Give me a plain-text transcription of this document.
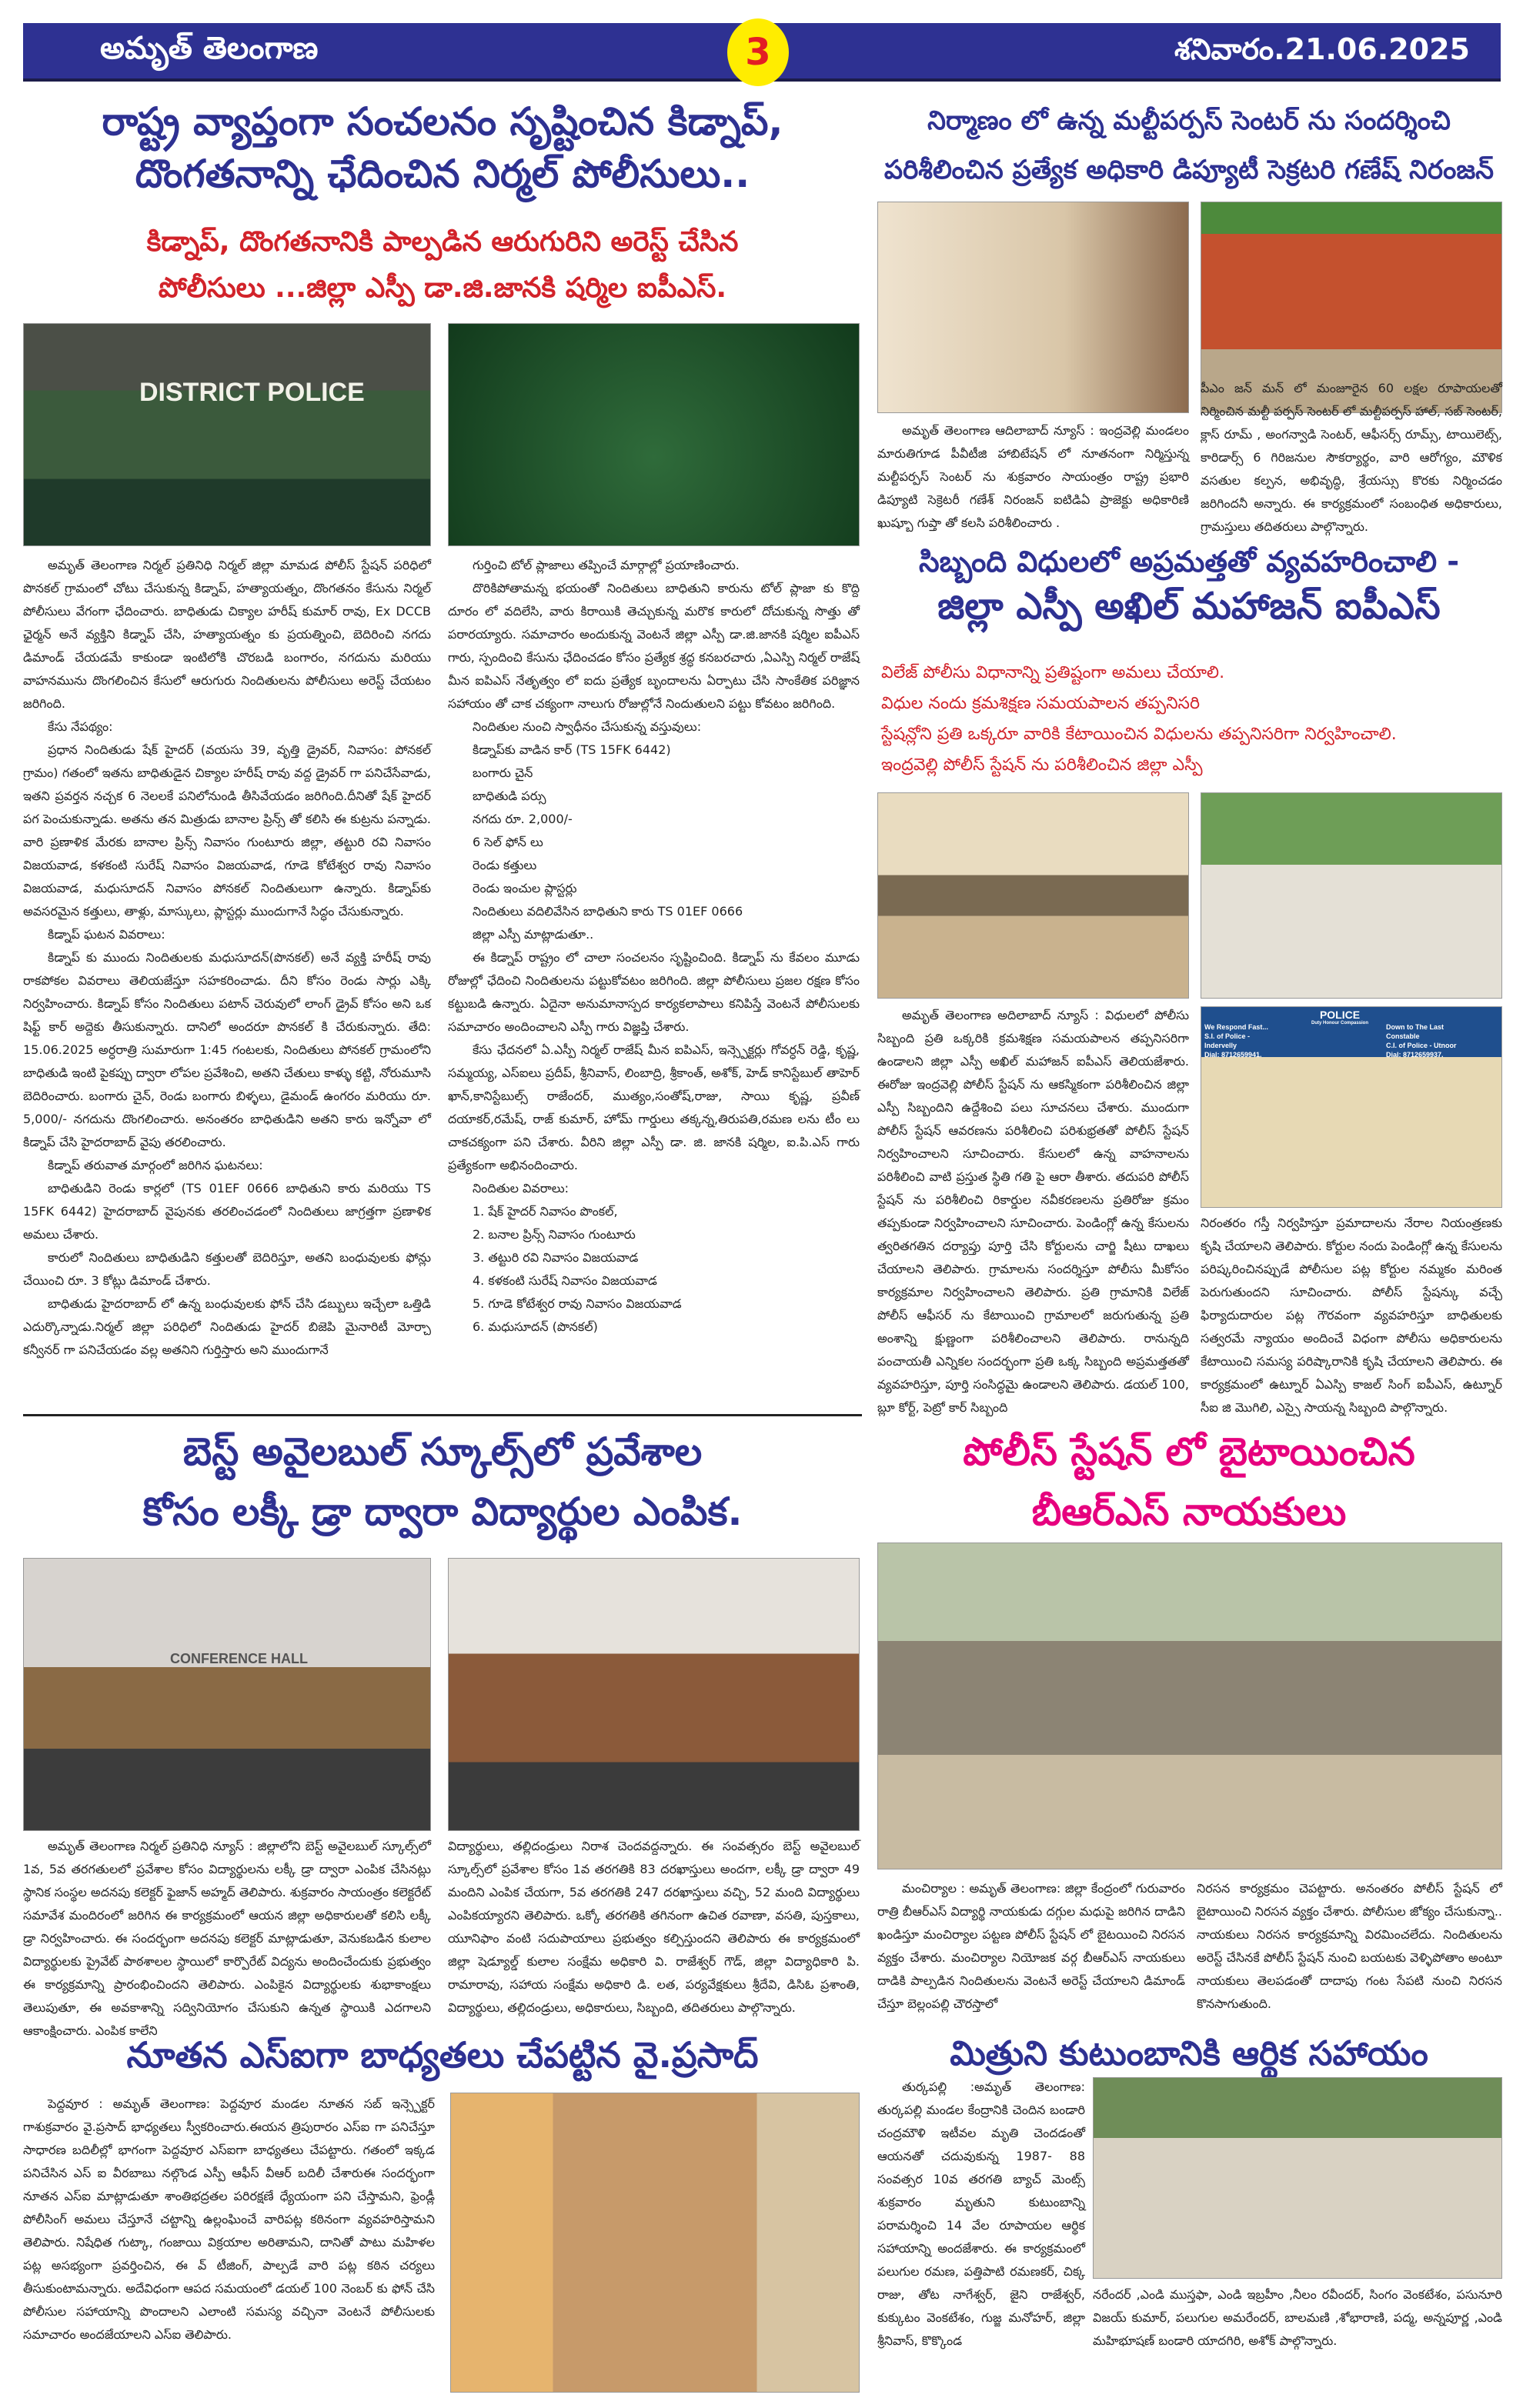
అమృత్ తెలంగాణ	3	శనివారం.21.06.2025
రాష్ట్ర వ్యాప్తంగా సంచలనం సృష్టించిన కిడ్నాప్,
దొంగతనాన్ని ఛేదించిన నిర్మల్ పోలీసులు..
కిడ్నాప్, దొంగతనానికి పాల్పడిన ఆరుగురిని అరెస్ట్ చేసిన
పోలీసులు ...జిల్లా ఎస్పీ డా.జి.జానకి షర్మిల ఐపీఎస్.
DISTRICT POLICE

అమృత్ తెలంగాణ నిర్మల్ ప్రతినిధి నిర్మల్ జిల్లా మామడ పోలీస్ స్టేషన్ పరిధిలో పొనకల్ గ్రామంలో చోటు చేసుకున్న కిడ్నాప్, హత్యాయత్నం, దొంగతనం కేసును నిర్మల్ పోలీసులు వేగంగా ఛేదించారు. బాధితుడు చిక్యాల హరీష్ కుమార్ రావు, Ex DCCB ఛైర్మన్ అనే వ్యక్తిని కిడ్నాప్ చేసి, హత్యాయత్నం కు ప్రయత్నించి, బెదిరించి నగదు డిమాండ్ చేయడమే కాకుండా ఇంటిలోకి చొరబడి బంగారం, నగదును మరియు వాహనమును దొంగలించిన కేసులో ఆరుగురు నిందితులను పోలీసులు అరెస్ట్ చేయటం జరిగింది.

కేసు నేపథ్యం:

ప్రధాన నిందితుడు షేక్ హైదర్ (వయసు 39, వృత్తి డ్రైవర్, నివాసం: పోనకల్ గ్రామం) గతంలో ఇతను బాధితుడైన చిక్యాల హరీష్ రావు వద్ద డ్రైవర్ గా పనిచేసేవాడు, ఇతని ప్రవర్తన నచ్చక 6 నెలలకే పనిలోనుండి తీసివేయడం జరిగింది.దీనితో షేక్ హైదర్ పగ పెంచుకున్నాడు. అతను తన మిత్రుడు బానాల ప్రిన్స్ తో కలిసి ఈ కుట్రను పన్నాడు. వారి ప్రణాళిక మేరకు బానాల ప్రిన్స్ నివాసం గుంటూరు జిల్లా, తట్టురి రవి నివాసం విజయవాడ, కళకంటి సురేష్ నివాసం విజయవాడ, గూడె కోటేశ్వర రావు నివాసం విజయవాడ, మధుసూదన్ నివాసం పోనకల్ నిందితులుగా ఉన్నారు. కిడ్నాప్‌కు అవసరమైన కత్తులు, తాళ్లు, మాస్కులు, ప్లాస్టర్లు ముందుగానే సిద్ధం చేసుకున్నారు.

కిడ్నాప్ ఘటన వివరాలు:

కిడ్నాప్ కు ముందు నిందితులకు మధుసూదన్(పొనకల్) అనే వ్యక్తి హరీష్ రావు రాకపోకల వివరాలు తెలియజేస్తూ సహకరించాడు. దీని కోసం రెండు సార్లు ఎక్కి నిర్వహించారు. కిడ్నాప్ కోసం నిందితులు పటాన్ చెరువులో లాంగ్ డ్రైవ్ కోసం అని ఒక షిఫ్ట్ కార్ అద్దెకు తీసుకున్నారు. దానిలో అందరూ పొనకల్ కి చేరుకున్నారు. తేది: 15.06.2025 అర్ధరాత్రి సుమారుగా 1:45 గంటలకు, నిందితులు పోనకల్ గ్రామంలోని బాధితుడి ఇంటి పైకప్పు ద్వారా లోపల ప్రవేశించి, అతని చేతులు కాళ్ళు కట్టి, నోరుమూసి బెదిరించారు. బంగారు చైన్, రెండు బంగారు బిళ్ళలు, డైమండ్ ఉంగరం మరియు రూ. 5,000/- నగదును దొంగలించారు. అనంతరం బాధితుడిని అతని కారు ఇన్నోవా లో కిడ్నాప్ చేసి హైదరాబాద్ వైపు తరలించారు.

కిడ్నాప్ తరువాత మార్గంలో జరిగిన ఘటనలు:

బాధితుడిని రెండు కార్లలో (TS 01EF 0666 బాధితుని కారు మరియు TS 15FK 6442) హైదరాబాద్ వైపునకు తరలించడంలో నిందితులు జాగ్రత్తగా ప్రణాళిక అమలు చేశారు.

కారులో నిందితులు బాధితుడిని కత్తులతో బెదిరిస్తూ, అతని బంధువులకు ఫోన్లు చేయించి రూ. 3 కోట్లు డిమాండ్ చేశారు.

బాధితుడు హైదరాబాద్ లో ఉన్న బంధువులకు ఫోన్ చేసి డబ్బులు ఇచ్చేలా ఒత్తిడి ఎదుర్కొన్నాడు.నిర్మల్ జిల్లా పరిధిలో నిందితుడు హైదర్ బిజెపి మైనారిటీ మోర్చా కన్వీనర్ గా పనిచేయడం వల్ల అతనిని గుర్తిస్తారు అని ముందుగానే

గుర్తించి టోల్ ప్లాజాలు తప్పించే మార్గాల్లో ప్రయాణించారు.

దొరికిపోతామన్న భయంతో నిందితులు బాధితుని కారును టోల్ ప్లాజా కు కొద్ది దూరం లో వదిలేసి, వారు కిరాయికి తెచ్చుకున్న మరొక కారులో దోచుకున్న సొత్తు తో పరారయ్యారు. సమాచారం అందుకున్న వెంటనే జిల్లా ఎస్పీ డా.జి.జానకి షర్మిల ఐపీఎస్ గారు, స్పందించి కేసును ఛేదించడం కోసం ప్రత్యేక శ్రద్ధ కనబరచారు ,ఏఎస్పి నిర్మల్ రాజేష్ మీన ఐపిఎస్ నేతృత్వం లో ఐదు ప్రత్యేక బృందాలను ఏర్పాటు చేసి సాంకేతిక పరిజ్ఞాన సహాయం తో చాక చక్యంగా నాలుగు రోజుల్లోనే నిందుతులని పట్టు కోవటం జరిగింది.

నిందితుల నుంచి స్వాధీనం చేసుకున్న వస్తువులు:

కిడ్నాప్‌కు వాడిన కార్ (TS 15FK 6442)

బంగారు చైన్

బాధితుడి పర్సు

నగదు రూ. 2,000/-

6 సెల్ ఫోన్ లు

రెండు కత్తులు

రెండు ఇంచుల ప్లాస్టర్లు

నిందితులు వదిలివేసిన బాధితుని కారు TS 01EF 0666

జిల్లా ఎస్పీ మాట్లాడుతూ..

ఈ కిడ్నాప్ రాష్ట్రం లో చాలా సంచలనం సృష్టించింది. కిడ్నాప్ ను కేవలం మూడు రోజుల్లో ఛేదించి నిందితులను పట్టుకోవటం జరిగింది. జిల్లా పోలీసులు ప్రజల రక్షణ కోసం కట్టుబడి ఉన్నారు. ఏదైనా అనుమానాస్పద కార్యకలాపాలు కనిపిస్తే వెంటనే పోలీసులకు సమాచారం అందించాలని ఎస్పీ గారు విజ్ఞప్తి చేశారు.

కేసు ఛేదనలో ఏ.ఎస్పీ నిర్మల్ రాజేష్ మీన ఐపిఎస్, ఇన్స్పెక్టర్లు గోవర్ధన్ రెడ్డి, కృష్ణ, సమ్మయ్య, ఎస్ఐలు ప్రదీప్, శ్రీనివాస్, లింబాద్రి, శ్రీకాంత్, అశోక్, హెడ్ కానిస్టేబుల్ తాహెర్ ఖాన్,కానిస్టేబుల్స్ రాజేందర్, ముత్యం,సంతోష్,రాజు, సాయి కృష్ణ, ప్రవీణ్ దయాకర్,రమేష్, రాజ్ కుమార్, హోమ్ గార్డులు తక్కన్న,తిరుపతి,రమణ లను టీం లు చాకచక్యంగా పని చేశారు. వీరిని జిల్లా ఎస్పీ డా. జి. జానకి షర్మిల, ఐ.పి.ఎస్ గారు ప్రత్యేకంగా అభినందించారు.

నిందితుల వివరాలు:

1. షేక్ హైదర్ నివాసం పొంకల్,

2. బనాల ప్రిన్స్ నివాసం గుంటూరు

3. తట్టురి రవి నివాసం విజయవాడ

4. కళకంటి సురేష్ నివాసం విజయవాడ

5. గూడె కోటేశ్వర రావు నివాసం విజయవాడ

6. మధుసూదన్ (పొనకల్)

నిర్మాణం లో ఉన్న మల్టీపర్పస్ సెంటర్ ను సందర్శించి
పరిశీలించిన ప్రత్యేక అధికారి డిప్యూటీ సెక్రటరి గణేష్ నిరంజన్

అమృత్ తెలంగాణ ఆదిలాబాద్ న్యూస్ : ఇంద్రవెల్లి మండలం మారుతిగూడ పీవీటీజి హాబిటేషన్ లో నూతనంగా నిర్మిస్తున్న మల్టీపర్పస్ సెంటర్ ను శుక్రవారం సాయంత్రం రాష్ట్ర ప్రభారి డిప్యూటి సెక్రెటరీ గణేశ్ నిరంజన్ ఐటిడిఏ ప్రాజెక్టు అధికారిణి ఖుష్బూ గుప్తా తో కలసి పరిశీలించారు .

పీఎం జన్ మన్ లో మంజూరైన 60 లక్షల రూపాయలతో నిర్మించిన మల్టీ పర్పస్ సెంటర్ లో మల్టీపర్పస్ హాల్, సబ్ సెంటర్, క్లాస్ రూమ్ , అంగన్వాడి సెంటర్, ఆఫీసర్స్ రూమ్స్, టాయిలెట్స్, కారిడార్స్ 6 గిరిజనుల సౌకర్యార్థం, వారి ఆరోగ్యం, మౌళిక వసతుల కల్పన, అభివృద్ధి, శ్రేయస్సు కొరకు నిర్మించడం జరిగిందనీ అన్నారు. ఈ కార్యక్రమంలో సంబంధిత అధికారులు, గ్రామస్తులు తదితరులు పాల్గొన్నారు.

సిబ్బంది విధులలో అప్రమత్తతో వ్యవహరించాలి -
జిల్లా ఎస్పీ అఖిల్ మహాజన్ ఐపీఎస్
విలేజ్ పోలీసు విధానాన్ని ప్రతిష్టంగా అమలు చేయాలి.
విధుల నందు క్రమశిక్షణ సమయపాలన తప్పనిసరి
స్టేషన్లోని ప్రతి ఒక్కరూ వారికి కేటాయించిన విధులను తప్పనిసరిగా నిర్వహించాలి.
ఇంద్రవెల్లి పోలీస్ స్టేషన్ ను పరిశీలించిన జిల్లా ఎస్పీ

అమృత్ తెలంగాణ అదిలాబాద్ న్యూస్ : విధులలో పోలీసు సిబ్బంది ప్రతి ఒక్కరికి క్రమశిక్షణ సమయపాలన తప్పనిసరిగా ఉండాలని జిల్లా ఎస్పీ అఖిల్ మహాజన్ ఐపీఎస్ తెలియజేశారు. ఈరోజు ఇంద్రవెల్లి పోలీస్ స్టేషన్ ను ఆకస్మికంగా పరిశీలించిన జిల్లా ఎస్పీ సిబ్బందిని ఉద్దేశించి పలు సూచనలు చేశారు. ముందుగా పోలీస్ స్టేషన్ ఆవరణను పరిశీలించి పరిశుభ్రతతో పోలీస్ స్టేషన్ నిర్వహించాలని సూచించారు. కేసులలో ఉన్న వాహనాలను పరిశీలించి వాటి ప్రస్తుత స్థితి గతి పై ఆరా తీశారు. తదుపరి పోలీస్ స్టేషన్ ను పరిశీలించి రికార్డుల నవీకరణలను ప్రతిరోజు క్రమం తప్పకుండా నిర్వహించాలని సూచించారు. పెండింగ్లో ఉన్న కేసులను త్వరితగతిన దర్యాప్తు పూర్తి చేసి కోర్టులను చార్జి షీటు దాఖలు చేయాలని తెలిపారు. గ్రామాలను సందర్శిస్తూ పోలీసు మీకోసం కార్యక్రమాల నిర్వహించాలని తెలిపారు. ప్రతి గ్రామానికి విలేజ్ పోలీస్ ఆఫీసర్ ను కేటాయించి గ్రామాలలో జరుగుతున్న ప్రతి అంశాన్ని క్షుణ్ణంగా పరిశీలించాలని తెలిపారు. రానున్నది పంచాయతీ ఎన్నికల సందర్భంగా ప్రతి ఒక్క సిబ్బంది అప్రమత్తతతో వ్యవహరిస్తూ, పూర్తి సంసిద్ధమై ఉండాలని తెలిపారు. డయల్ 100, బ్లూ కోర్ట్, పెట్రో కార్ సిబ్బంది

We Respond Fast...
S.I. of Police - Indervelly
Dial: 8712659941.
POLICE
Duty Honour Compassion	Down to The Last Constable
C.I. of Police - Utnoor
Dial: 8712659937.

నిరంతరం గస్తీ నిర్వహిస్తూ ప్రమాదాలను నేరాల నియంత్రణకు కృషి చేయాలని తెలిపారు. కోర్టుల నందు పెండింగ్లో ఉన్న కేసులను పరిష్కరించినప్పుడే పోలీసుల పట్ల కోర్టుల నమ్మకం మరింత పెరుగుతుందని సూచించారు. పోలీస్ స్టేషన్కు వచ్చే ఫిర్యాదుదారుల పట్ల గౌరవంగా వ్యవహరిస్తూ బాధితులకు సత్వరమే న్యాయం అందించే విధంగా పోలీసు అధికారులను కేటాయించి సమస్య పరిష్కారానికి కృషి చేయాలని తెలిపారు. ఈ కార్యక్రమంలో ఉట్నూర్ ఏఎస్పి కాజల్ సింగ్ ఐపీఎస్, ఉట్నూర్ సీఐ జి మొగిలి, ఎస్సై సాయన్న సిబ్బంది పాల్గొన్నారు.

బెస్ట్ అవైలబుల్ స్కూల్స్‌లో ప్రవేశాల
కోసం లక్కీ డ్రా ద్వారా విద్యార్థుల ఎంపిక.
CONFERENCE HALL

అమృత్ తెలంగాణ నిర్మల్ ప్రతినిధి న్యూస్ : జిల్లాలోని బెస్ట్ అవైలబుల్ స్కూల్స్‌లో 1వ, 5వ తరగతులలో ప్రవేశాల కోసం విద్యార్థులను లక్కీ డ్రా ద్వారా ఎంపిక చేసినట్లు స్థానిక సంస్థల అదనపు కలెక్టర్ ఫైజాన్ అహ్మద్ తెలిపారు. శుక్రవారం సాయంత్రం కలెక్టరేట్ సమావేశ మందిరంలో జరిగిన ఈ కార్యక్రమంలో ఆయన జిల్లా అధికారులతో కలిసి లక్కీ డ్రా నిర్వహించారు. ఈ సందర్భంగా అదనపు కలెక్టర్ మాట్లాడుతూ, వెనుకబడిన కులాల విద్యార్థులకు ప్రైవేట్ పాఠశాలల స్థాయిలో కార్పొరేట్ విద్యను అందించేందుకు ప్రభుత్వం ఈ కార్యక్రమాన్ని ప్రారంభించిందని తెలిపారు. ఎంపికైన విద్యార్థులకు శుభాకాంక్షలు తెలుపుతూ, ఈ అవకాశాన్ని సద్వినియోగం చేసుకుని ఉన్నత స్థాయికి ఎదగాలని ఆకాంక్షించారు. ఎంపిక కాలేని

విద్యార్థులు, తల్లిదండ్రులు నిరాశ చెందవద్దన్నారు. ఈ సంవత్సరం బెస్ట్ అవైలబుల్ స్కూల్స్‌లో ప్రవేశాల కోసం 1వ తరగతికి 83 దరఖాస్తులు అందగా, లక్కీ డ్రా ద్వారా 49 మందిని ఎంపిక చేయగా, 5వ తరగతికి 247 దరఖాస్తులు వచ్చి, 52 మంది విద్యార్థులు ఎంపికయ్యారని తెలిపారు. ఒక్కో తరగతికి తగినంగా ఉచిత రవాణా, వసతి, పుస్తకాలు, యూనిఫాం వంటి సదుపాయాలు ప్రభుత్వం కల్పిస్తుందని తెలిపారు ఈ కార్యక్రమంలో జిల్లా షెడ్యూల్డ్ కులాల సంక్షేమ అధికారి వి. రాజేశ్వర్ గౌడ్, జిల్లా విద్యాధికారి పి. రామారావు, సహాయ సంక్షేమ అధికారి డి. లత, పర్యవేక్షకులు శ్రీదేవి, డిసిఓ ప్రశాంతి, విద్యార్థులు, తల్లిదండ్రులు, అధికారులు, సిబ్బంది, తదితరులు పాల్గొన్నారు.

పోలీస్ స్టేషన్ లో బైటాయించిన
బీఆర్ఎస్ నాయకులు

మంచిర్యాల : అమృత్ తెలంగాణ: జిల్లా కేంద్రంలో గురువారం రాత్రి బీఆర్ఎస్ విద్యార్థి నాయకుడు దగ్గుల మధుపై జరిగిన దాడిని ఖండిస్తూ మంచిర్యాల పట్టణ పోలీస్ స్టేషన్ లో బైటయించి నిరసన వ్యక్తం చేశారు. మంచిర్యాల నియోజక వర్గ బీఆర్ఎస్ నాయకులు దాడికి పాల్పడిన నిందితులను వెంటనే అరెస్ట్ చేయాలని డిమాండ్ చేస్తూ బెల్లంపల్లి చౌరస్తాలో

నిరసన కార్యక్రమం చెపట్టారు. అనంతరం పోలీస్ స్టేషన్ లో బైటాయించి నిరసన వ్యక్తం చేశారు. పోలీసుల జోక్యం చేసుకున్నా.. నాయకులు నిరసన కార్యక్రమాన్ని విరమించలేదు. నిందితులను అరెస్ట్ చేసినకే పోలీస్ స్టేషన్ నుంచి బయటకు వెళ్ళిపోతాం అంటూ నాయకులు తెలపడంతో దాదాపు గంట సేపటి నుంచి నిరసన కొనసాగుతుంది.

నూతన ఎస్ఐగా బాధ్యతలు చేపట్టిన వై.ప్రసాద్

పెద్దవూర : అమృత్ తెలంగాణ: పెద్దవూర మండల నూతన సబ్ ఇన్స్పెక్టర్ గాశుక్రవారం వై.ప్రసాద్ భాధ్యతలు స్వీకరించారు.ఈయన త్రిపురారం ఎస్ఐ గా పనిచేస్తూ సాధారణ బదిలీల్లో భాగంగా పెద్దవూర ఎస్ఐగా బాధ్యతలు చేపట్టారు. గతంలో ఇక్కడ పనిచేసిన ఎస్ ఐ వీరబాబు నల్గొండ ఎస్పీ ఆఫీస్ వీఆర్ బదిలీ చేశారుఈ సందర్భంగా నూతన ఎస్ఐ మాట్లాడుతూ శాంతిభద్రతల పరిరక్షణే ధ్యేయంగా పని చేస్తామని, ఫ్రెండ్లీ పోలీసింగ్ అమలు చేస్తూనే చట్టాన్ని ఉల్లంఘించే వారిపట్ల కఠినంగా వ్యవహరిస్తామని తెలిపారు. నిషేధిత గుట్కా, గంజాయి విక్రయాల అరితామని, దానితో పాటు మహిళల పట్ల అసభ్యంగా ప్రవర్తించిన, ఈ వ్ టీజింగ్, పాల్పడే వారి పట్ల కఠిన చర్యలు తీసుకుంటామన్నారు. అదేవిధంగా ఆపద సమయంలో డయల్ 100 నెంబర్ కు ఫోన్ చేసి పోలీసుల సహాయాన్ని పొందాలని ఎలాంటి సమస్య వచ్చినా వెంటనే పోలీసులకు సమాచారం అందజేయాలని ఎస్ఐ తెలిపారు.

మిత్రుని కుటుంబానికి ఆర్థిక సహాయం

తుర్కపల్లి :అమృత్ తెలంగాణ: తుర్కపల్లి మండల కేంద్రానికి చెందిన బండారి చంద్రమౌళి ఇటీవల మృతి చెందడంతో ఆయనతో చదువుకున్న 1987- 88 సంవత్సర 10వ తరగతి బ్యాచ్ మెంట్స్ శుక్రవారం మృతుని కుటుంబాన్ని పరామర్శించి 14 వేల రూపాయల ఆర్థిక సహాయాన్ని అందజేశారు. ఈ కార్యక్రమంలో పలుగుల రమణ, పత్తిపాటి రమణకర్, చిక్క రాజు, తోట నాగేశ్వర్, జైని రాజేశ్వర్, కుక్కుటం వెంకటేశం, గుజ్జ మనోహర్, జిల్లా శ్రీనివాస్, కొక్కొండ

నరేందర్ ,ఎండి ముస్తఫా, ఎండి ఇబ్రహీం ,నీలం రవీందర్, సింగం వెంకటేశం, పసునూరి విజయ్ కుమార్, పలుగుల అమరేందర్, బాలమణి ,శోభారాణి, పద్మ, అన్నపూర్ణ ,ఎండి మహిభూషణ్ బండారి యాదగిరి, అశోక్ పాల్గొన్నారు.
